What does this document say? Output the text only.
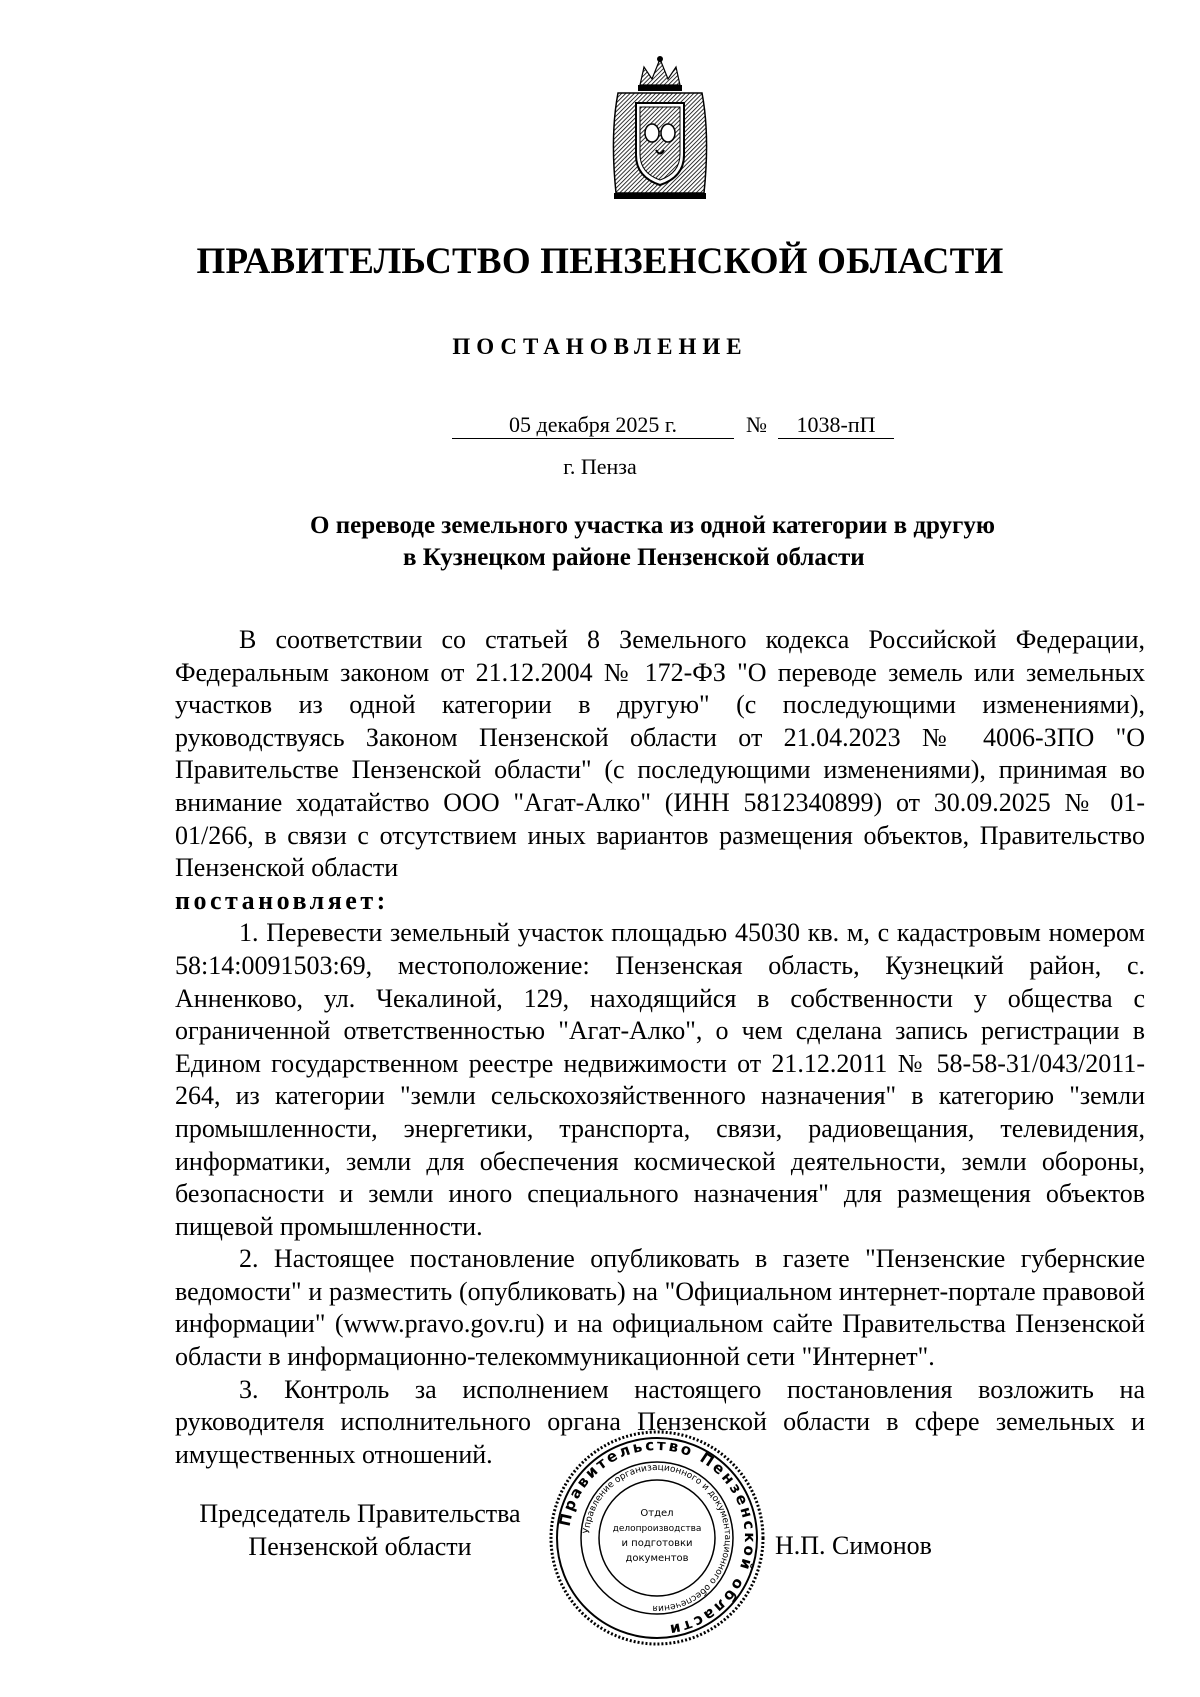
ПРАВИТЕЛЬСТВО ПЕНЗЕНСКОЙ ОБЛАСТИ
ПОСТАНОВЛЕНИЕ
05 декабря 2025 г.	№	1038-пП
г. Пенза
О переводе земельного участка из одной категории в другую
в Кузнецком районе Пензенской области

В соответствии со статьей 8 Земельного кодекса Российской Федерации, Федеральным законом от 21.12.2004 № 172-ФЗ "О переводе земель или земельных участков из одной категории в другую" (с последующими изменениями), руководствуясь Законом Пензенской области от 21.04.2023 № 4006-ЗПО "О Правительстве Пензенской области" (с последующими изменениями), принимая во внимание ходатайство ООО "Агат-Алко" (ИНН 5812340899) от 30.09.2025 № 01-01/266, в связи с отсутствием иных вариантов размещения объектов, Правительство Пензенской области

постановляет:

1. Перевести земельный участок площадью 45030 кв. м, с кадастровым номером 58:14:0091503:69, местоположение: Пензенская область, Кузнецкий район, с. Анненково, ул. Чекалиной, 129, находящийся в собственности у общества с ограниченной ответственностью "Агат-Алко", о чем сделана запись регистрации в Едином государственном реестре недвижимости от 21.12.2011 № 58-58-31/043/2011-264, из категории "земли сельскохозяйственного назначения" в категорию "земли промышленности, энергетики, транспорта, связи, радиовещания, телевидения, информатики, земли для обеспечения космической деятельности, земли обороны, безопасности и земли иного специального назначения" для размещения объектов пищевой промышленности.

2. Настоящее постановление опубликовать в газете "Пензенские губернские ведомости" и разместить (опубликовать) на "Официальном интернет-портале правовой информации" (www.pravo.gov.ru) и на официальном сайте Правительства Пензенской области в информационно-телекоммуникационной сети "Интернет".

3. Контроль за исполнением настоящего постановления возложить на руководителя исполнительного органа Пензенской области в сфере земельных и имущественных отношений.

Председатель Правительства
Пензенской области	Н.П. Симонов
Правительство Пензенской области
Управление организационного и документационного обеспечения
Отдел
делопроизводства
и подготовки
документов
